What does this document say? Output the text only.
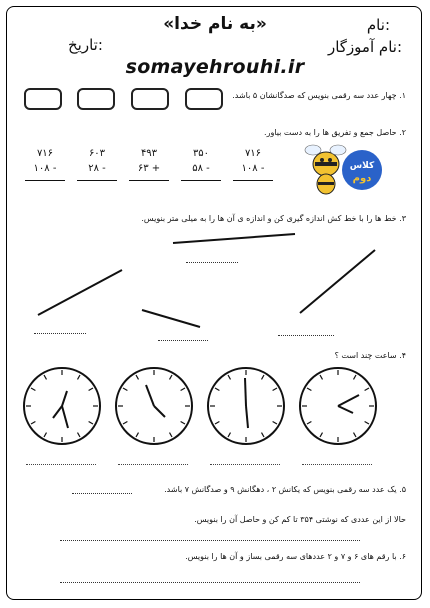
«به نام خدا»	نام:
نام آموزگار:
تاریخ:
somayehrouhi.ir
۱. چهار عدد سه رقمی بنویس که صدگانشان ۵ باشد.
۲. حاصل جمع و تفریق ها را به دست بیاور.
۷۱۶
۱۰۸ -
۳۵۰
۵۸ -
۴۹۳
۶۳ +
۶۰۳
۲۸ -
۷۱۶
۱۰۸ -	کلاس
دوم
۳. خط ها را با خط کش اندازه گیری کن و اندازه ی آن ها را به میلی متر بنویس.
۴. ساعت چند است ؟
۵. یک عدد سه رقمی بنویس که یکانش ۲ ، دهگانش ۹ و صدگانش ۷ باشد.
حالا از این عددی که نوشتی ۳۵۴ تا کم کن و حاصل آن را بنویس.
۶. با رقم های ۶ و ۷ و ۲ عددهای سه رقمی بساز و آن ها را بنویس.
